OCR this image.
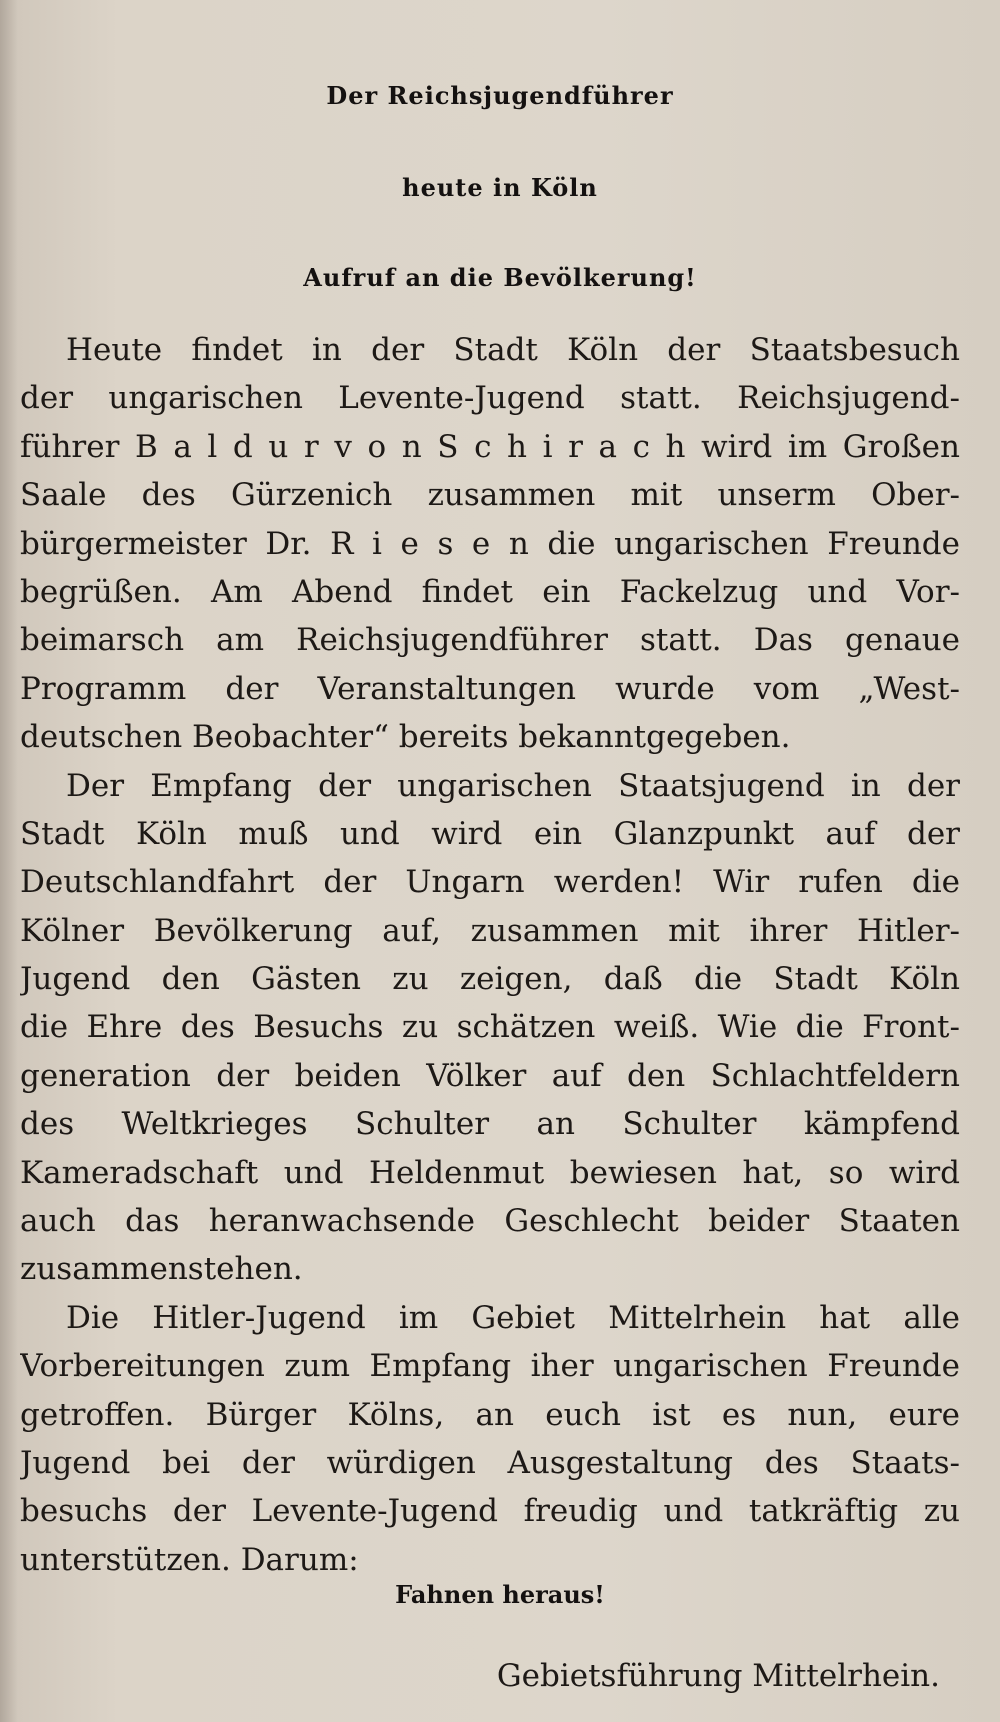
Der Reichsjugendführer
heute in Köln
Aufruf an die Bevölkerung!
Heute findet in der Stadt Köln der Staatsbesuch
der ungarischen Levente-Jugend statt. Reichsjugend-
führer B a l d u r v o n S c h i r a c h wird im Großen
Saale des Gürzenich zusammen mit unserm Ober-
bürgermeister Dr. R i e s e n die ungarischen Freunde
begrüßen. Am Abend findet ein Fackelzug und Vor-
beimarsch am Reichsjugendführer statt. Das genaue
Programm der Veranstaltungen wurde vom „West-
deutschen Beobachter“ bereits bekanntgegeben.
Der Empfang der ungarischen Staatsjugend in der
Stadt Köln muß und wird ein Glanzpunkt auf der
Deutschlandfahrt der Ungarn werden! Wir rufen die
Kölner Bevölkerung auf, zusammen mit ihrer Hitler-
Jugend den Gästen zu zeigen, daß die Stadt Köln
die Ehre des Besuchs zu schätzen weiß. Wie die Front-
generation der beiden Völker auf den Schlachtfeldern
des Weltkrieges Schulter an Schulter kämpfend
Kameradschaft und Heldenmut bewiesen hat, so wird
auch das heranwachsende Geschlecht beider Staaten
zusammenstehen.
Die Hitler-Jugend im Gebiet Mittelrhein hat alle
Vorbereitungen zum Empfang iher ungarischen Freunde
getroffen. Bürger Kölns, an euch ist es nun, eure
Jugend bei der würdigen Ausgestaltung des Staats-
besuchs der Levente-Jugend freudig und tatkräftig zu
unterstützen. Darum:
Fahnen heraus!
Gebietsführung Mittelrhein.
